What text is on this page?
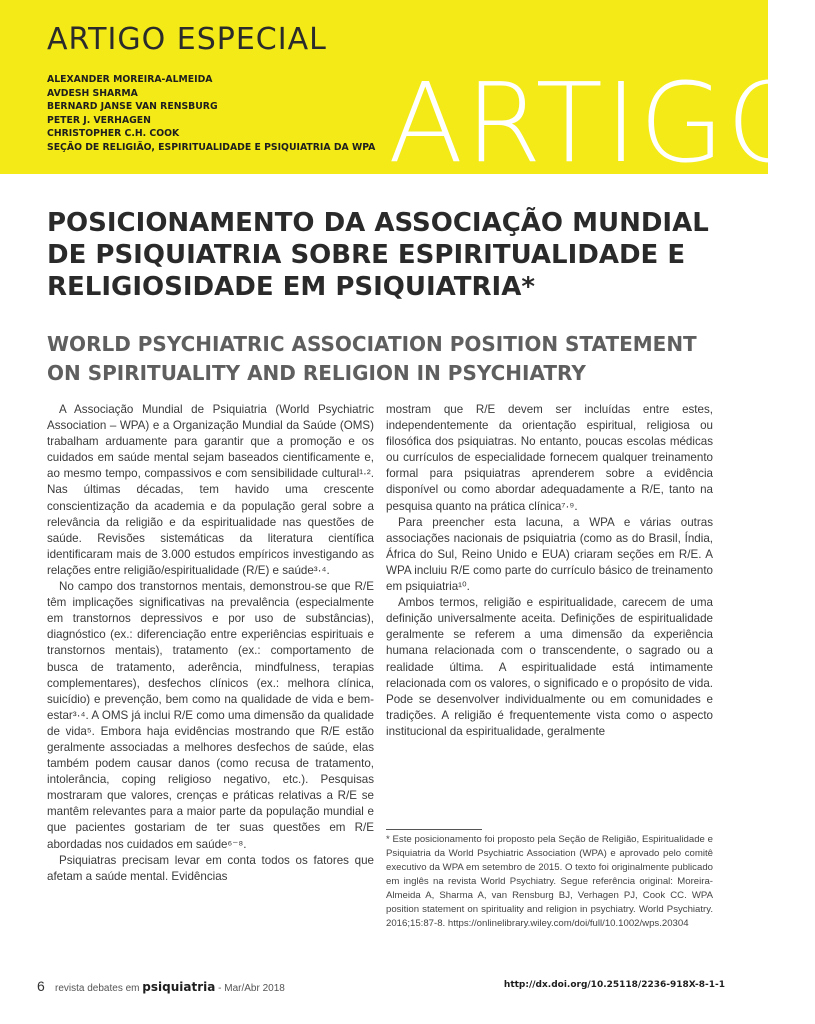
ARTIGO
ARTIGO ESPECIAL
ALEXANDER MOREIRA-ALMEIDA
AVDESH SHARMA
BERNARD JANSE VAN RENSBURG
PETER J. VERHAGEN
CHRISTOPHER C.H. COOK
SEÇÃO DE RELIGIÃO, ESPIRITUALIDADE E PSIQUIATRIA DA WPA
POSICIONAMENTO DA ASSOCIAÇÃO MUNDIAL DE PSIQUIATRIA SOBRE ESPIRITUALIDADE E RELIGIOSIDADE EM PSIQUIATRIA*
WORLD PSYCHIATRIC ASSOCIATION POSITION STATEMENT ON SPIRITUALITY AND RELIGION IN PSYCHIATRY

A Associação Mundial de Psiquiatria (World Psychiatric Association – WPA) e a Organização Mundial da Saúde (OMS) trabalham arduamente para garantir que a promoção e os cuidados em saúde mental sejam baseados cientificamente e, ao mesmo tempo, compassivos e com sensibilidade cultural¹·². Nas últimas décadas, tem havido uma crescente conscientização da academia e da população geral sobre a relevância da religião e da espiritualidade nas questões de saúde. Revisões sistemáticas da literatura científica identificaram mais de 3.000 estudos empíricos investigando as relações entre religião/espiritualidade (R/E) e saúde³·⁴.

No campo dos transtornos mentais, demonstrou-se que R/E têm implicações significativas na prevalência (especialmente em transtornos depressivos e por uso de substâncias), diagnóstico (ex.: diferenciação entre experiências espirituais e transtornos mentais), tratamento (ex.: comportamento de busca de tratamento, aderência, mindfulness, terapias complementares), desfechos clínicos (ex.: melhora clínica, suicídio) e prevenção, bem como na qualidade de vida e bem-estar³·⁴. A OMS já inclui R/E como uma dimensão da qualidade de vida⁵. Embora haja evidências mostrando que R/E estão geralmente associadas a melhores desfechos de saúde, elas também podem causar danos (como recusa de tratamento, intolerância, coping religioso negativo, etc.). Pesquisas mostraram que valores, crenças e práticas relativas a R/E se mantêm relevantes para a maior parte da população mundial e que pacientes gostariam de ter suas questões em R/E abordadas nos cuidados em saúde⁶⁻⁸.

Psiquiatras precisam levar em conta todos os fatores que afetam a saúde mental. Evidências

mostram que R/E devem ser incluídas entre estes, independentemente da orientação espiritual, religiosa ou filosófica dos psiquiatras. No entanto, poucas escolas médicas ou currículos de especialidade fornecem qualquer treinamento formal para psiquiatras aprenderem sobre a evidência disponível ou como abordar adequadamente a R/E, tanto na pesquisa quanto na prática clínica⁷·⁹.

Para preencher esta lacuna, a WPA e várias outras associações nacionais de psiquiatria (como as do Brasil, Índia, África do Sul, Reino Unido e EUA) criaram seções em R/E. A WPA incluiu R/E como parte do currículo básico de treinamento em psiquiatria¹⁰.

Ambos termos, religião e espiritualidade, carecem de uma definição universalmente aceita. Definições de espiritualidade geralmente se referem a uma dimensão da experiência humana relacionada com o transcendente, o sagrado ou a realidade última. A espiritualidade está intimamente relacionada com os valores, o significado e o propósito de vida. Pode se desenvolver individualmente ou em comunidades e tradições. A religião é frequentemente vista como o aspecto institucional da espiritualidade, geralmente

* Este posicionamento foi proposto pela Seção de Religião, Espiritualidade e Psiquiatria da World Psychiatric Association (WPA) e aprovado pelo comitê executivo da WPA em setembro de 2015. O texto foi originalmente publicado em inglês na revista World Psychiatry. Segue referência original: Moreira-Almeida A, Sharma A, van Rensburg BJ, Verhagen PJ, Cook CC. WPA position statement on spirituality and religion in psychiatry. World Psychiatry. 2016;15:87-8. https://onlinelibrary.wiley.com/doi/full/10.1002/wps.20304

6 revista debates em psiquiatria - Mar/Abr 2018	http://dx.doi.org/10.25118/2236-918X-8-1-1
